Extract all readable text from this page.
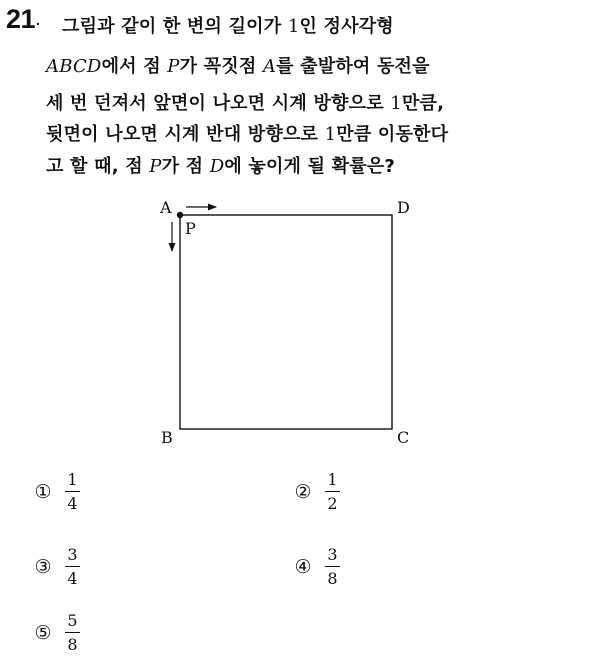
21. 그림과 같이 한 변의 길이가 1인 정사각형
ABCD에서 점 P가 꼭짓점 A를 출발하여 동전을
세 번 던져서 앞면이 나오면 시계 방향으로 1만큼,
뒷면이 나오면 시계 반대 방향으로 1만큼 이동한다
고 할 때, 점 P가 점 D에 놓이게 될 확률은?
A
P
D
B	C
① $\frac{1}{4}$	② $\frac{1}{2}$
③ $\frac{3}{4}$	④ $\frac{3}{8}$
⑤ $\frac{5}{8}$
